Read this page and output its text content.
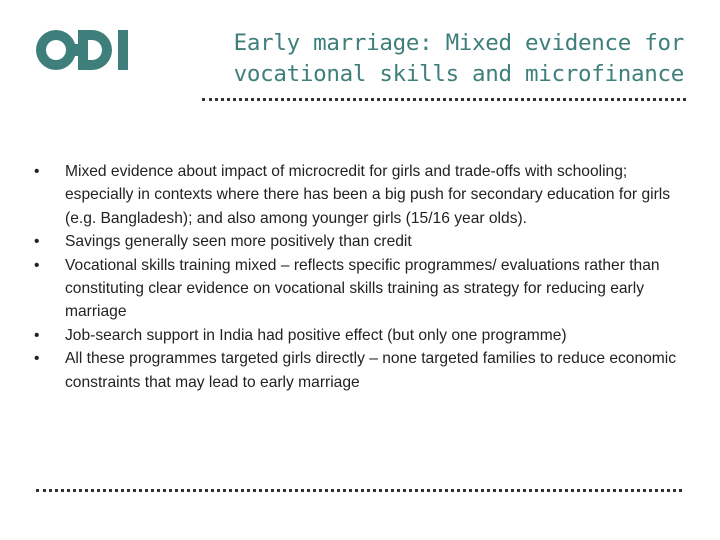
Early marriage: Mixed evidence for
vocational skills and microfinance
•	Mixed evidence about impact of microcredit for girls and trade-offs with schooling; especially in contexts where there has been a big push for secondary education for girls (e.g. Bangladesh); and also among younger girls (15/16 year olds).
•	Savings generally seen more positively than credit
•	Vocational skills training mixed – reflects specific programmes/ evaluations rather than constituting clear evidence on vocational skills training as strategy for reducing early marriage
•	Job-search support in India had positive effect (but only one programme)
•	All these programmes targeted girls directly – none targeted families to reduce economic constraints that may lead to early marriage
